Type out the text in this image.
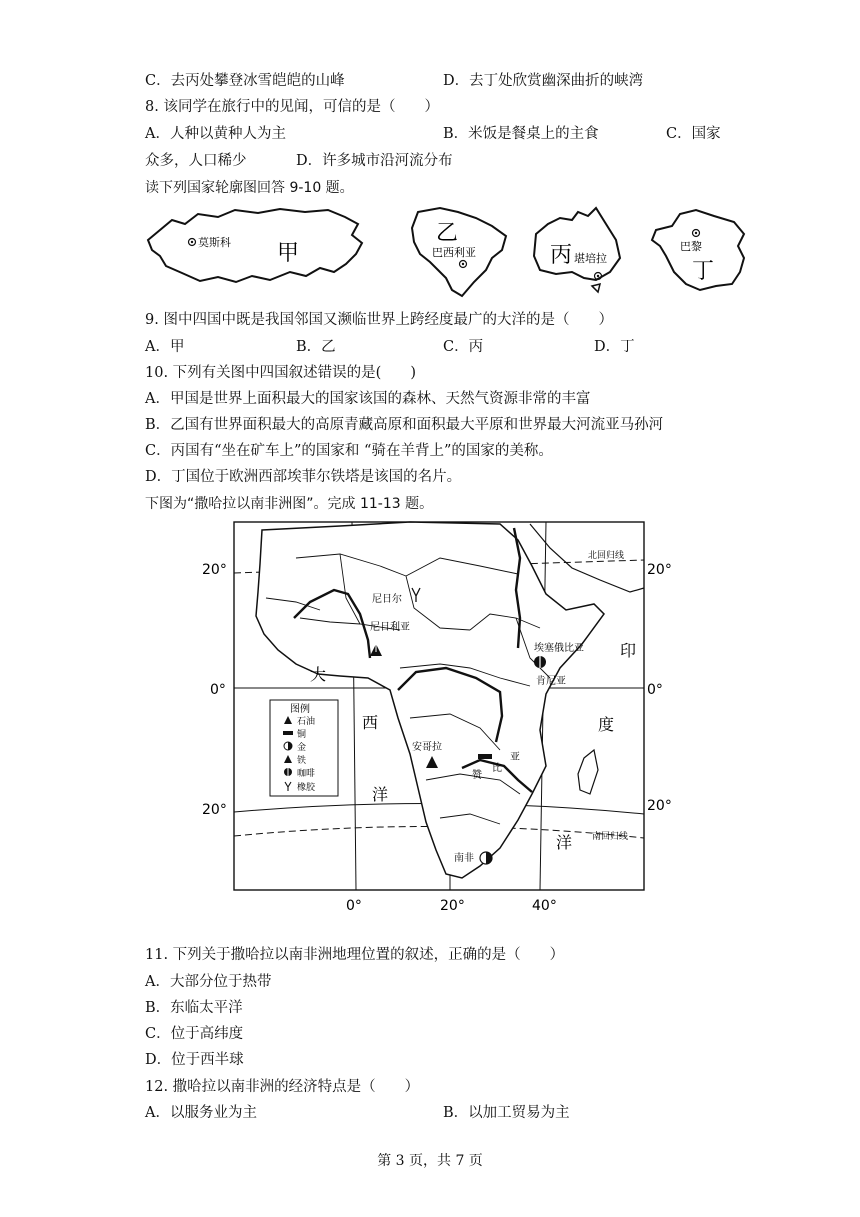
C．去丙处攀登冰雪皑皑的山峰	D．去丁处欣赏幽深曲折的峡湾
8. 该同学在旅行中的见闻，可信的是（　　）
A．人种以黄种人为主	B．米饭是餐桌上的主食	C．国家
众多，人口稀少	D．许多城市沿河流分布
读下列国家轮廓图回答 9-10 题。
莫斯科 甲
乙
巴西利亚	丙 堪培拉
巴黎
丁
9. 图中四国中既是我国邻国又濒临世界上跨经度最广的大洋的是（　　）
A．甲	B．乙	C．丙	D．丁
10. 下列有关图中四国叙述错误的是(　　)
A．甲国是世界上面积最大的国家该国的森林、天然气资源非常的丰富
B．乙国有世界面积最大的高原青藏高原和面积最大平原和世界最大河流亚马孙河
C．丙国有“坐在矿车上”的国家和 “骑在羊背上”的国家的美称。
D．丁国位于欧洲西部埃菲尔铁塔是该国的名片。
下图为“撒哈拉以南非洲图”。完成 11-13 题。
20°	20°
0°	0°
20°	20°
0°	20°	40°
北回归线
南回归线
大
西
洋
印
度
洋
尼日尔
尼日利亚
埃塞俄比亚
肯尼亚
安哥拉
赞
比
亚
南非
图例
石油
铜
金
铁
咖啡
橡胶
11. 下列关于撒哈拉以南非洲地理位置的叙述，正确的是（　　）
A．大部分位于热带
B．东临太平洋
C．位于高纬度
D．位于西半球
12. 撒哈拉以南非洲的经济特点是（　　）
A．以服务业为主	B．以加工贸易为主
第 3 页，共 7 页
